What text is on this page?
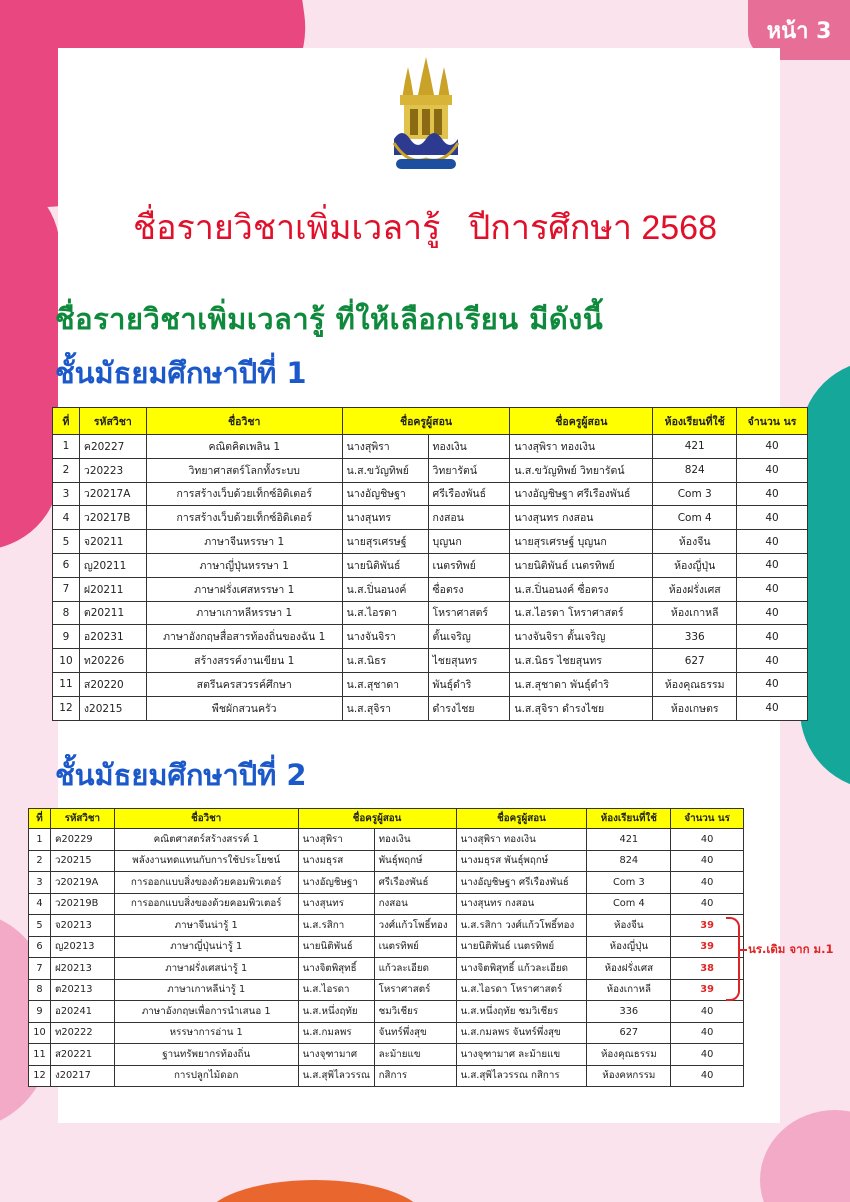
หน้า 3
ชื่อรายวิชาเพิ่มเวลารู้   ปีการศึกษา 2568
ชื่อรายวิชาเพิ่มเวลารู้ ที่ให้เลือกเรียน มีดังนี้
ชั้นมัธยมศึกษาปีที่ 1
ที่	รหัสวิชา	ชื่อวิชา	ชื่อครูผู้สอน		ชื่อครูผู้สอน	ห้องเรียนที่ใช้	จำนวน นร
1	ค20227	คณิตคิดเพลิน 1	นางสุพิรา	ทองเงิน	นางสุพิรา ทองเงิน	421	40
2	ว20223	วิทยาศาสตร์โลกทั้งระบบ	น.ส.ขวัญทิพย์	วิทยารัตน์	น.ส.ขวัญทิพย์ วิทยารัตน์	824	40
3	ว20217A	การสร้างเว็บด้วยเท็กซ์อิดิเตอร์	นางอัญชิษฐา	ศรีเรืองพันธ์	นางอัญชิษฐา ศรีเรืองพันธ์	Com 3	40
4	ว20217B	การสร้างเว็บด้วยเท็กซ์อิดิเตอร์	นางสุนทร	กงสอน	นางสุนทร กงสอน	Com 4	40
5	จ20211	ภาษาจีนหรรษา 1	นายสุรเศรษฐ์	บุญนก	นายสุรเศรษฐ์ บุญนก	ห้องจีน	40
6	ญ20211	ภาษาญี่ปุ่นหรรษา 1	นายนิติพันธ์	เนตรทิพย์	นายนิติพันธ์ เนตรทิพย์	ห้องญี่ปุ่น	40
7	ฝ20211	ภาษาฝรั่งเศสหรรษา 1	น.ส.ปิ่นอนงค์	ซื่อตรง	น.ส.ปิ่นอนงค์ ซื่อตรง	ห้องฝรั่งเศส	40
8	ต20211	ภาษาเกาหลีหรรษา 1	น.ส.ไอรดา	โหราศาสตร์	น.ส.ไอรดา โหราศาสตร์	ห้องเกาหลี	40
9	อ20231	ภาษาอังกฤษสื่อสารท้องถิ่นของฉัน 1	นางจันจิรา	ตั้นเจริญ	นางจันจิรา ตั้นเจริญ	336	40
10	ท20226	สร้างสรรค์งานเขียน 1	น.ส.นิธร	ไชยสุนทร	น.ส.นิธร ไชยสุนทร	627	40
11	ส20220	สตรีนครสวรรค์ศึกษา	น.ส.สุชาดา	พันธุ์ดำริ	น.ส.สุชาดา พันธุ์ดำริ	ห้องคุณธรรม	40
12	ง20215	พืชผักสวนครัว	น.ส.สุจิรา	ดำรงไชย	น.ส.สุจิรา ดำรงไชย	ห้องเกษตร	40
ชั้นมัธยมศึกษาปีที่ 2
ที่	รหัสวิชา	ชื่อวิชา	ชื่อครูผู้สอน		ชื่อครูผู้สอน	ห้องเรียนที่ใช้	จำนวน นร
1	ค20229	คณิตศาสตร์สร้างสรรค์ 1	นางสุพิรา	ทองเงิน	นางสุพิรา ทองเงิน	421	40
2	ว20215	พลังงานทดแทนกับการใช้ประโยชน์	นางมธุรส	พันธุ์พฤกษ์	นางมธุรส พันธุ์พฤกษ์	824	40
3	ว20219A	การออกแบบสิ่งของด้วยคอมพิวเตอร์	นางอัญชิษฐา	ศรีเรืองพันธ์	นางอัญชิษฐา ศรีเรืองพันธ์	Com 3	40
4	ว20219B	การออกแบบสิ่งของด้วยคอมพิวเตอร์	นางสุนทร	กงสอน	นางสุนทร กงสอน	Com 4	40
5	จ20213	ภาษาจีนน่ารู้ 1	น.ส.รสิกา	วงศ์แก้วโพธิ์ทอง	น.ส.รสิกา วงศ์แก้วโพธิ์ทอง	ห้องจีน	39
6	ญ20213	ภาษาญี่ปุ่นน่ารู้ 1	นายนิติพันธ์	เนตรทิพย์	นายนิติพันธ์ เนตรทิพย์	ห้องญี่ปุ่น	39
7	ฝ20213	ภาษาฝรั่งเศสน่ารู้ 1	นางจิตพิสุทธิ์	แก้วละเอียด	นางจิตพิสุทธิ์ แก้วละเอียด	ห้องฝรั่งเศส	38
8	ต20213	ภาษาเกาหลีน่ารู้ 1	น.ส.ไอรดา	โหราศาสตร์	น.ส.ไอรดา โหราศาสตร์	ห้องเกาหลี	39
9	อ20241	ภาษาอังกฤษเพื่อการนำเสนอ 1	น.ส.หนึ่งฤทัย	ชมวิเชียร	น.ส.หนึ่งฤทัย ชมวิเชียร	336	40
10	ท20222	หรรษาการอ่าน 1	น.ส.กมลพร	จันทร์พึ่งสุข	น.ส.กมลพร จันทร์พึ่งสุข	627	40
11	ส20221	ฐานทรัพยากรท้องถิ่น	นางจุฑามาศ	ละม้ายแข	นางจุฑามาศ ละม้ายแข	ห้องคุณธรรม	40
12	ง20217	การปลูกไม้ดอก	น.ส.สุพิไลวรรณ	กสิการ	น.ส.สุพิไลวรรณ กสิการ	ห้องคหกรรม	40
นร.เดิม จาก ม.1
